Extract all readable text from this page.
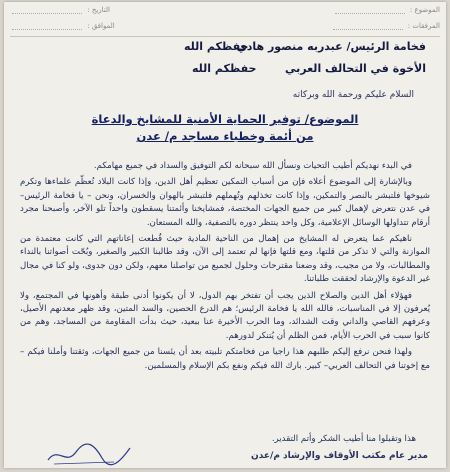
الموضوع :
التاريخ :
المرفقات :
الموافق :
فخامة الرئيس/ عبدربه منصور هادي
حفظكم الله
الأخوة في التحالف العربي
حفظكم الله
السلام عليكم ورحمة الله وبركاته
الموضوع/ توفير الحماية الأمنية للمشايخ والدعاة
من أئمة وخطباء مساجد م/ عدن

في البدء نهديكم أطيب التحيات ونسأل الله سبحانه لكم التوفيق والسداد في جميع مهامكم.

وبالإشارة إلى الموضوع أعلاه فإن من أسباب التمكين تعظيم أهل الدين، وإذا كانت البلاد تُعظّم علماءها وتكرم شيوخها فلتبشر بالنصر والتمكين، وإذا كانت تخذلهم وتُهملهم فلتبشر بالهوان والخسران، ونحن – يا فخامة الرئيس– في عدن نتعرض لإهمال كبير من جميع الجهات المختصة، فمشايخنا وأئمتنا يسقطون واحداً تلو الآخر، وأصبحنا مجرد أرقام تتداولها الوسائل الإعلامية، وكل واحد ينتظر دوره بالتصفية، والله المستعان.

ناهيكم عما يتعرض له المشايخ من إهمال من الناحية المادية حيث قُطعت إعاناتهم التي كانت معتمدة من الموازنة والتي لا تذكر من قلتها، ومع قلتها فإنها لم تعتمد إلى الآن، وقد طالبنا الكبير والصغير، وبُحّت أصواتنا بالنداء والمطالبات، ولا من مجيب، وقد وضعنا مقترحات وحلول لجميع من تواصلنا معهم، ولكن دون جدوى، ولو كنا في مجال غير الدعوة والإرشاد لحققت طلباتنا.

فهؤلاء أهل الدين والصلاح الذين يجب أن تفتخر بهم الدول، لا أن يكونوا أدنى طبقة وأهونها في المجتمع، ولا يُعرفون إلا في المناسبات، فالله الله يا فخامة الرئيس؛ هم الدرع الحصين، والسد المتين، وقد ظهر معدنهم الأصيل، وعرفهم القاصي والداني وقت الشدائد، وما الحرب الأخيرة عنا ببعيد، حيث بدأت المقاومة من المساجد، وهم من كانوا سبب في الحرب الأيام، فمن الظلم أن يُتنكر لدورهم.

ولهذا فنحن نرفع إليكم طلبهم هذا راجيا من فخامتكم تلبيته بعد أن يئسنا من جميع الجهات، وثقتنا وأملنا فيكم – مع إخوتنا في التحالف العربي– كبير. بارك الله فيكم ونفع بكم الإسلام والمسلمين.

هذا وتقبلوا منا أطيب الشكر وأتم التقدير.
مدير عام مكتب الأوقاف والإرشاد م/عدن
